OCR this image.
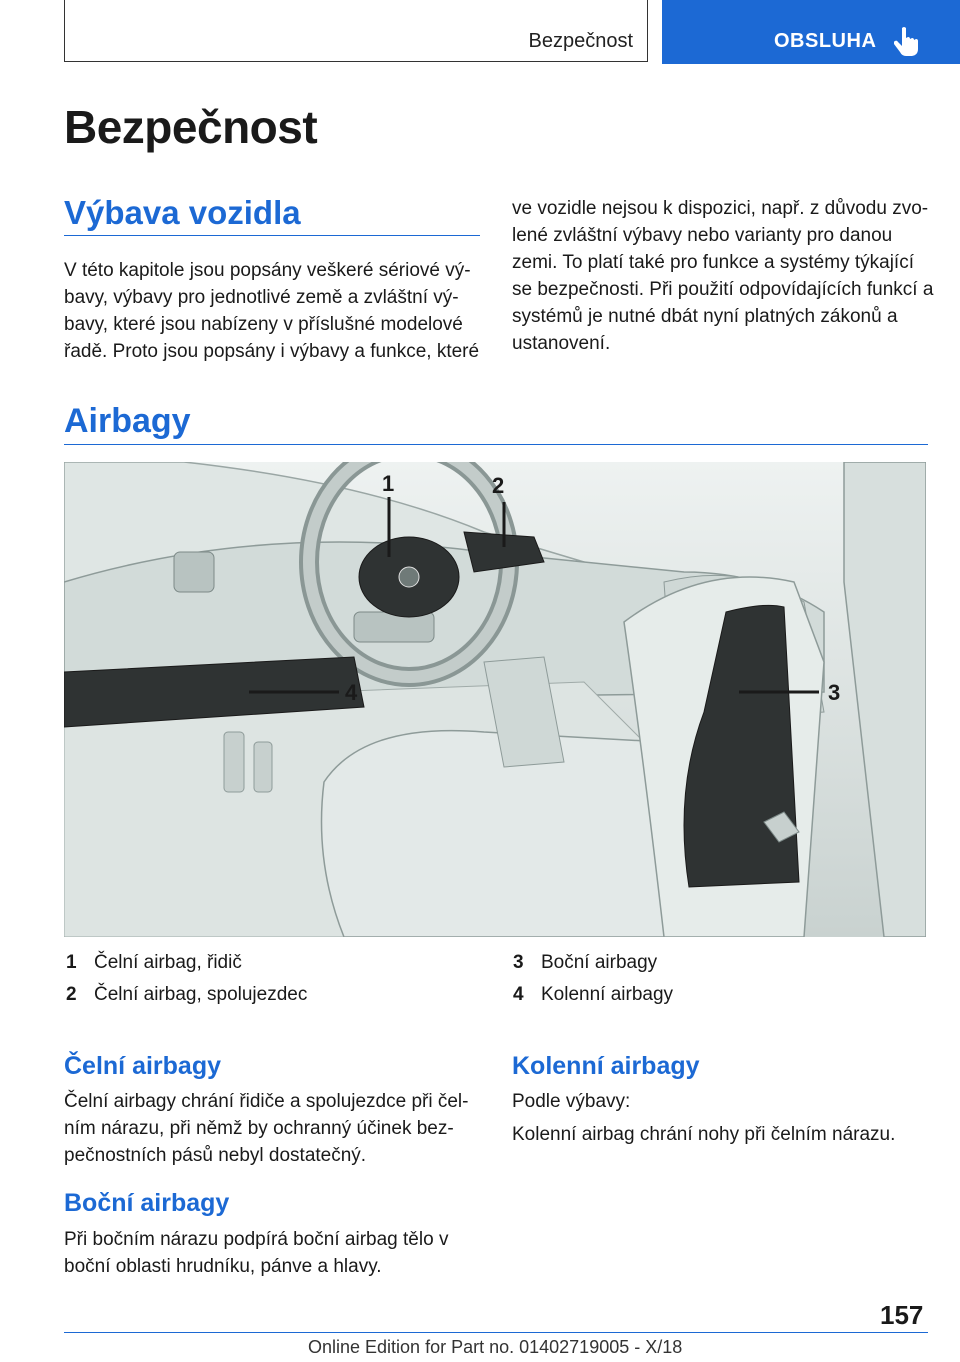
Bezpečnost	OBSLUHA
Bezpečnost
Výbava vozidla
V této kapitole jsou popsány veškeré sériové vý-
bavy, výbavy pro jednotlivé země a zvláštní vý-
bavy, které jsou nabízeny v příslušné modelové
řadě. Proto jsou popsány i výbavy a funkce, které
ve vozidle nejsou k dispozici, např. z důvodu zvo-
lené zvláštní výbavy nebo varianty pro danou
zemi. To platí také pro funkce a systémy týkající
se bezpečnosti. Při použití odpovídajících funkcí a
systémů je nutné dbát nyní platných zákonů a
ustanovení.
Airbagy
1	2
3
4
1 Čelní airbag, řidič
2 Čelní airbag, spolujezdec
3 Boční airbagy
4 Kolenní airbagy
Čelní airbagy
Čelní airbagy chrání řidiče a spolujezdce při čel-
ním nárazu, při němž by ochranný účinek bez-
pečnostních pásů nebyl dostatečný.
Boční airbagy
Při bočním nárazu podpírá boční airbag tělo v
boční oblasti hrudníku, pánve a hlavy.
Kolenní airbagy
Podle výbavy:
Kolenní airbag chrání nohy při čelním nárazu.
157
Online Edition for Part no. 01402719005 - X/18
